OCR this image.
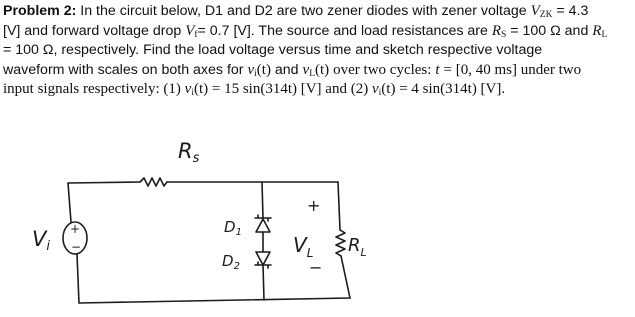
Problem 2: In the circuit below, D1 and D2 are two zener diodes with zener voltage $V_{ZK} = 4.3$
[V] and forward voltage drop $V_f= 0.7$ [V]. The source and load resistances are $R_S = 100$ Ω and $R_L$
= 100 Ω, respectively. Find the load voltage versus time and sketch respective voltage
waveform with scales on both axes for $v_i(t)$ and $v_L(t)$ over two cycles: t = [0, 40 ms] under two
input signals respectively: (1) $v_i(t) = 15$ sin(314t) [V] and (2) $v_i(t) = 4$ sin(314t) [V].
Rs
Vi
+
−
$D_1$
$D_2$
+
$V_L$
−
$R_L$
